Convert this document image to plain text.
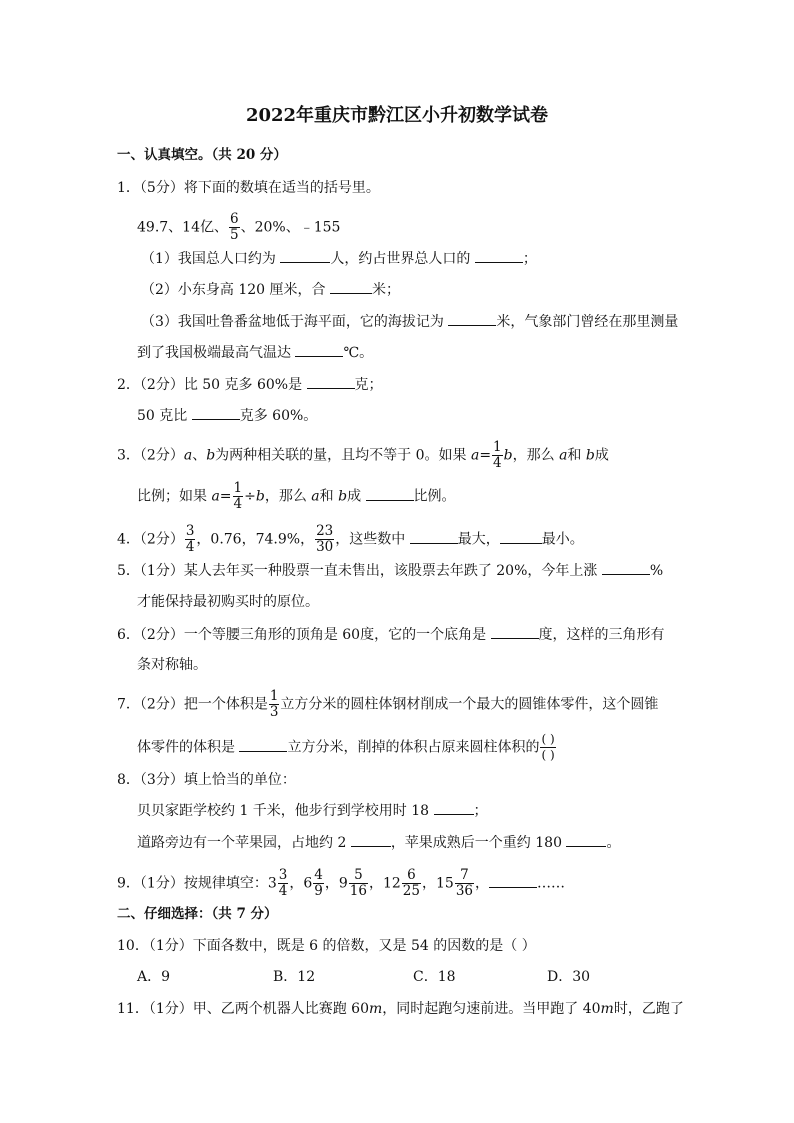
2022年重庆市黔江区小升初数学试卷
一、认真填空。（共 20 分）
1．（5分）将下面的数填在适当的括号里。
49.7、14亿、 $\frac{6}{5}$ 、20%、﹣155
（1）我国总人口约为	人，约占世界总人口的	；
（2）小东身高 120 厘米，合	米；
（3）我国吐鲁番盆地低于海平面，它的海拔记为	米，气象部门曾经在那里测量
到了我国极端最高气温达	℃。
2．（2分）比 50 克多 60%是	克；
50 克比	克多 60%。
3．（2分）a、b为两种相关联的量，且均不等于 0。如果 $a= \frac{1}{4}$ b，那么 a和 b成
比例；如果 $a= \frac{1}{4} \div b$，那么 a和 b成	比例。
4．（2分） $\frac{3}{4}$ ，0.76，74.9%， $\frac{23}{30}$ ，这些数中	最大，	最小。
5．（1分）某人去年买一种股票一直未售出，该股票去年跌了 20%，今年上涨	%
才能保持最初购买时的原位。
6．（2分）一个等腰三角形的顶角是 60度，它的一个底角是	度，这样的三角形有
条对称轴。
7．（2分）把一个体积是 $\frac{1}{3}$ 立方分米的圆柱体钢材削成一个最大的圆锥体零件，这个圆锥
体零件的体积是	立方分米，削掉的体积占原来圆柱体积的 $\frac{( )}{( )}$
8．（3分）填上恰当的单位：
贝贝家距学校约 1 千米，他步行到学校用时 18	；
道路旁边有一个苹果园，占地约 2	，苹果成熟后一个重约 180	。
9．（1分）按规律填空：$3 \frac{3}{4}$ ，$6 \frac{4}{9}$ ，$9 \frac{5}{16}$ ，$12 \frac{6}{25}$ ，$15 \frac{7}{36}$ ，	……
二、仔细选择：（共 7 分）
10．（1分）下面各数中，既是 6 的倍数，又是 54 的因数的是（ ）
A．9	B．12	C．18	D．30
11．（1分）甲、乙两个机器人比赛跑 60m，同时起跑匀速前进。当甲跑了 40m时，乙跑了
